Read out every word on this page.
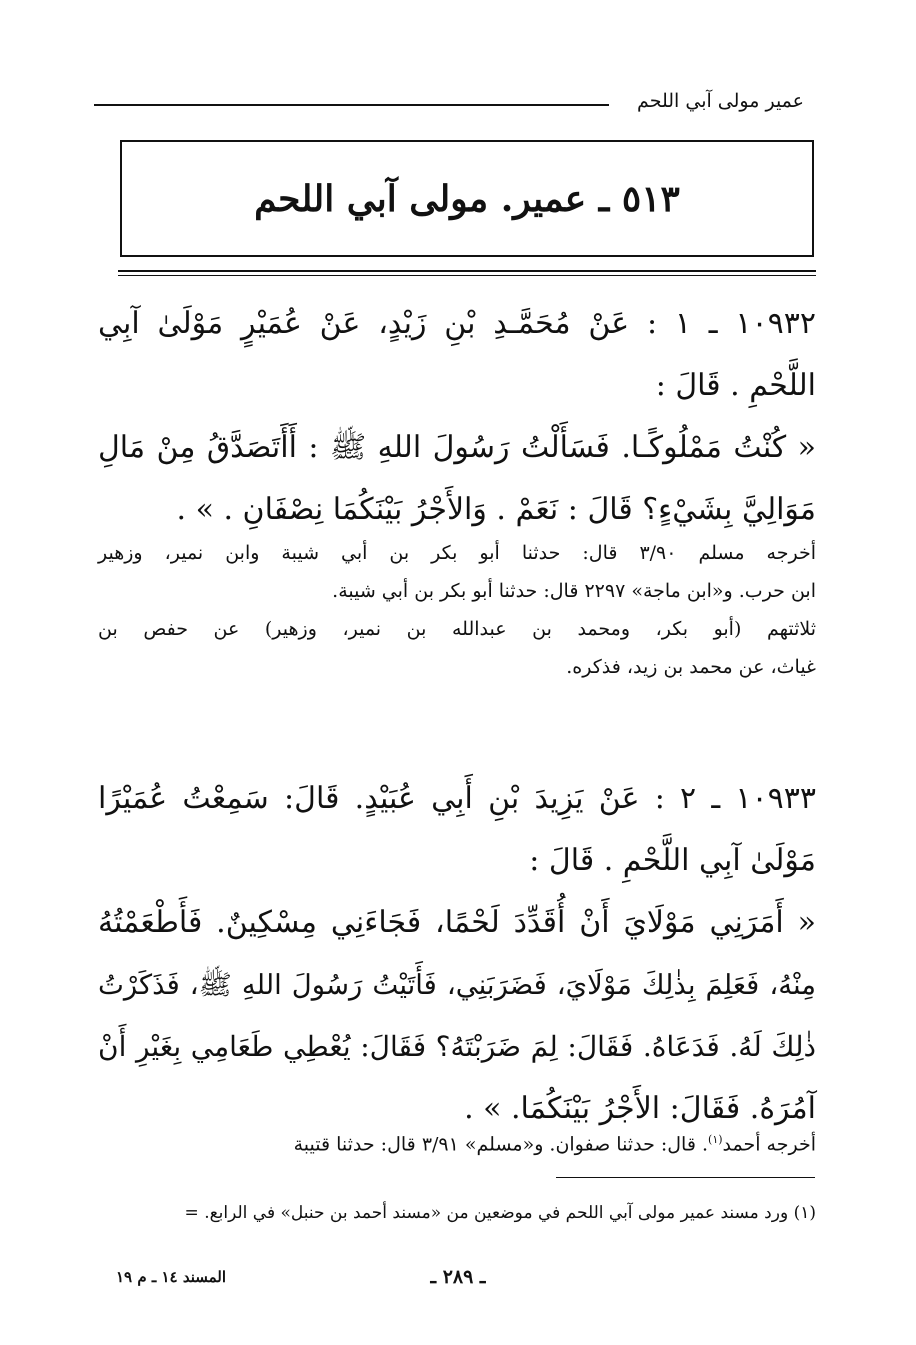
عمير مولى آبي اللحم
٥١٣ ـ عمير. مولى آبي اللحم
١٠٩٣٢ ـ ١ : عَنْ مُحَمَّـدِ بْنِ زَيْدٍ، عَنْ عُمَيْرٍ مَوْلَىٰ آبِي
اللَّحْمِ . قَالَ :
« كُنْتُ مَمْلُوكًـا. فَسَأَلْتُ رَسُولَ اللهِ ﷺ : أَأَتَصَدَّقُ مِنْ مَالِ
مَوَالِيَّ بِشَيْءٍ؟ قَالَ : نَعَمْ . وَالأَجْرُ بَيْنَكُمَا نِصْفَانِ . » .
أخرجه مسلم ٣/٩٠ قال: حدثنا أبو بكر بن أبي شيبة وابن نمير، وزهير
ابن حرب. و«ابن ماجة» ٢٢٩٧ قال: حدثنا أبو بكر بن أبي شيبة.
ثلاثتهم (أبو بكر، ومحمد بن عبدالله بن نمير، وزهير) عن حفص بن
غياث، عن محمد بن زيد، فذكره.
١٠٩٣٣ ـ ٢ : عَنْ يَزِيدَ بْنِ أَبِي عُبَيْدٍ. قَالَ: سَمِعْتُ عُمَيْرًا
مَوْلَىٰ آبِي اللَّحْمِ . قَالَ :
« أَمَرَنِي مَوْلَايَ أَنْ أُقَدِّدَ لَحْمًا، فَجَاءَنِي مِسْكِينٌ. فَأَطْعَمْتُهُ
مِنْهُ، فَعَلِمَ بِذٰلِكَ مَوْلَايَ، فَضَرَبَنِي، فَأَتَيْتُ رَسُولَ اللهِ ﷺ، فَذَكَرْتُ
ذٰلِكَ لَهُ. فَدَعَاهُ. فَقَالَ: لِمَ ضَرَبْتَهُ؟ فَقَالَ: يُعْطِي طَعَامِي بِغَيْرِ أَنْ
آمُرَهُ. فَقَالَ: الأَجْرُ بَيْنَكُمَا. » .
أخرجه أحمد$^{(١)}$. قال: حدثنا صفوان. و«مسلم» ٣/٩١ قال: حدثنا قتيبة
(١) ورد مسند عمير مولى آبي اللحم في موضعين من «مسند أحمد بن حنبل» في الرابع. =
ـ ٢٨٩ ـ
المسند ١٤ ـ م ١٩
